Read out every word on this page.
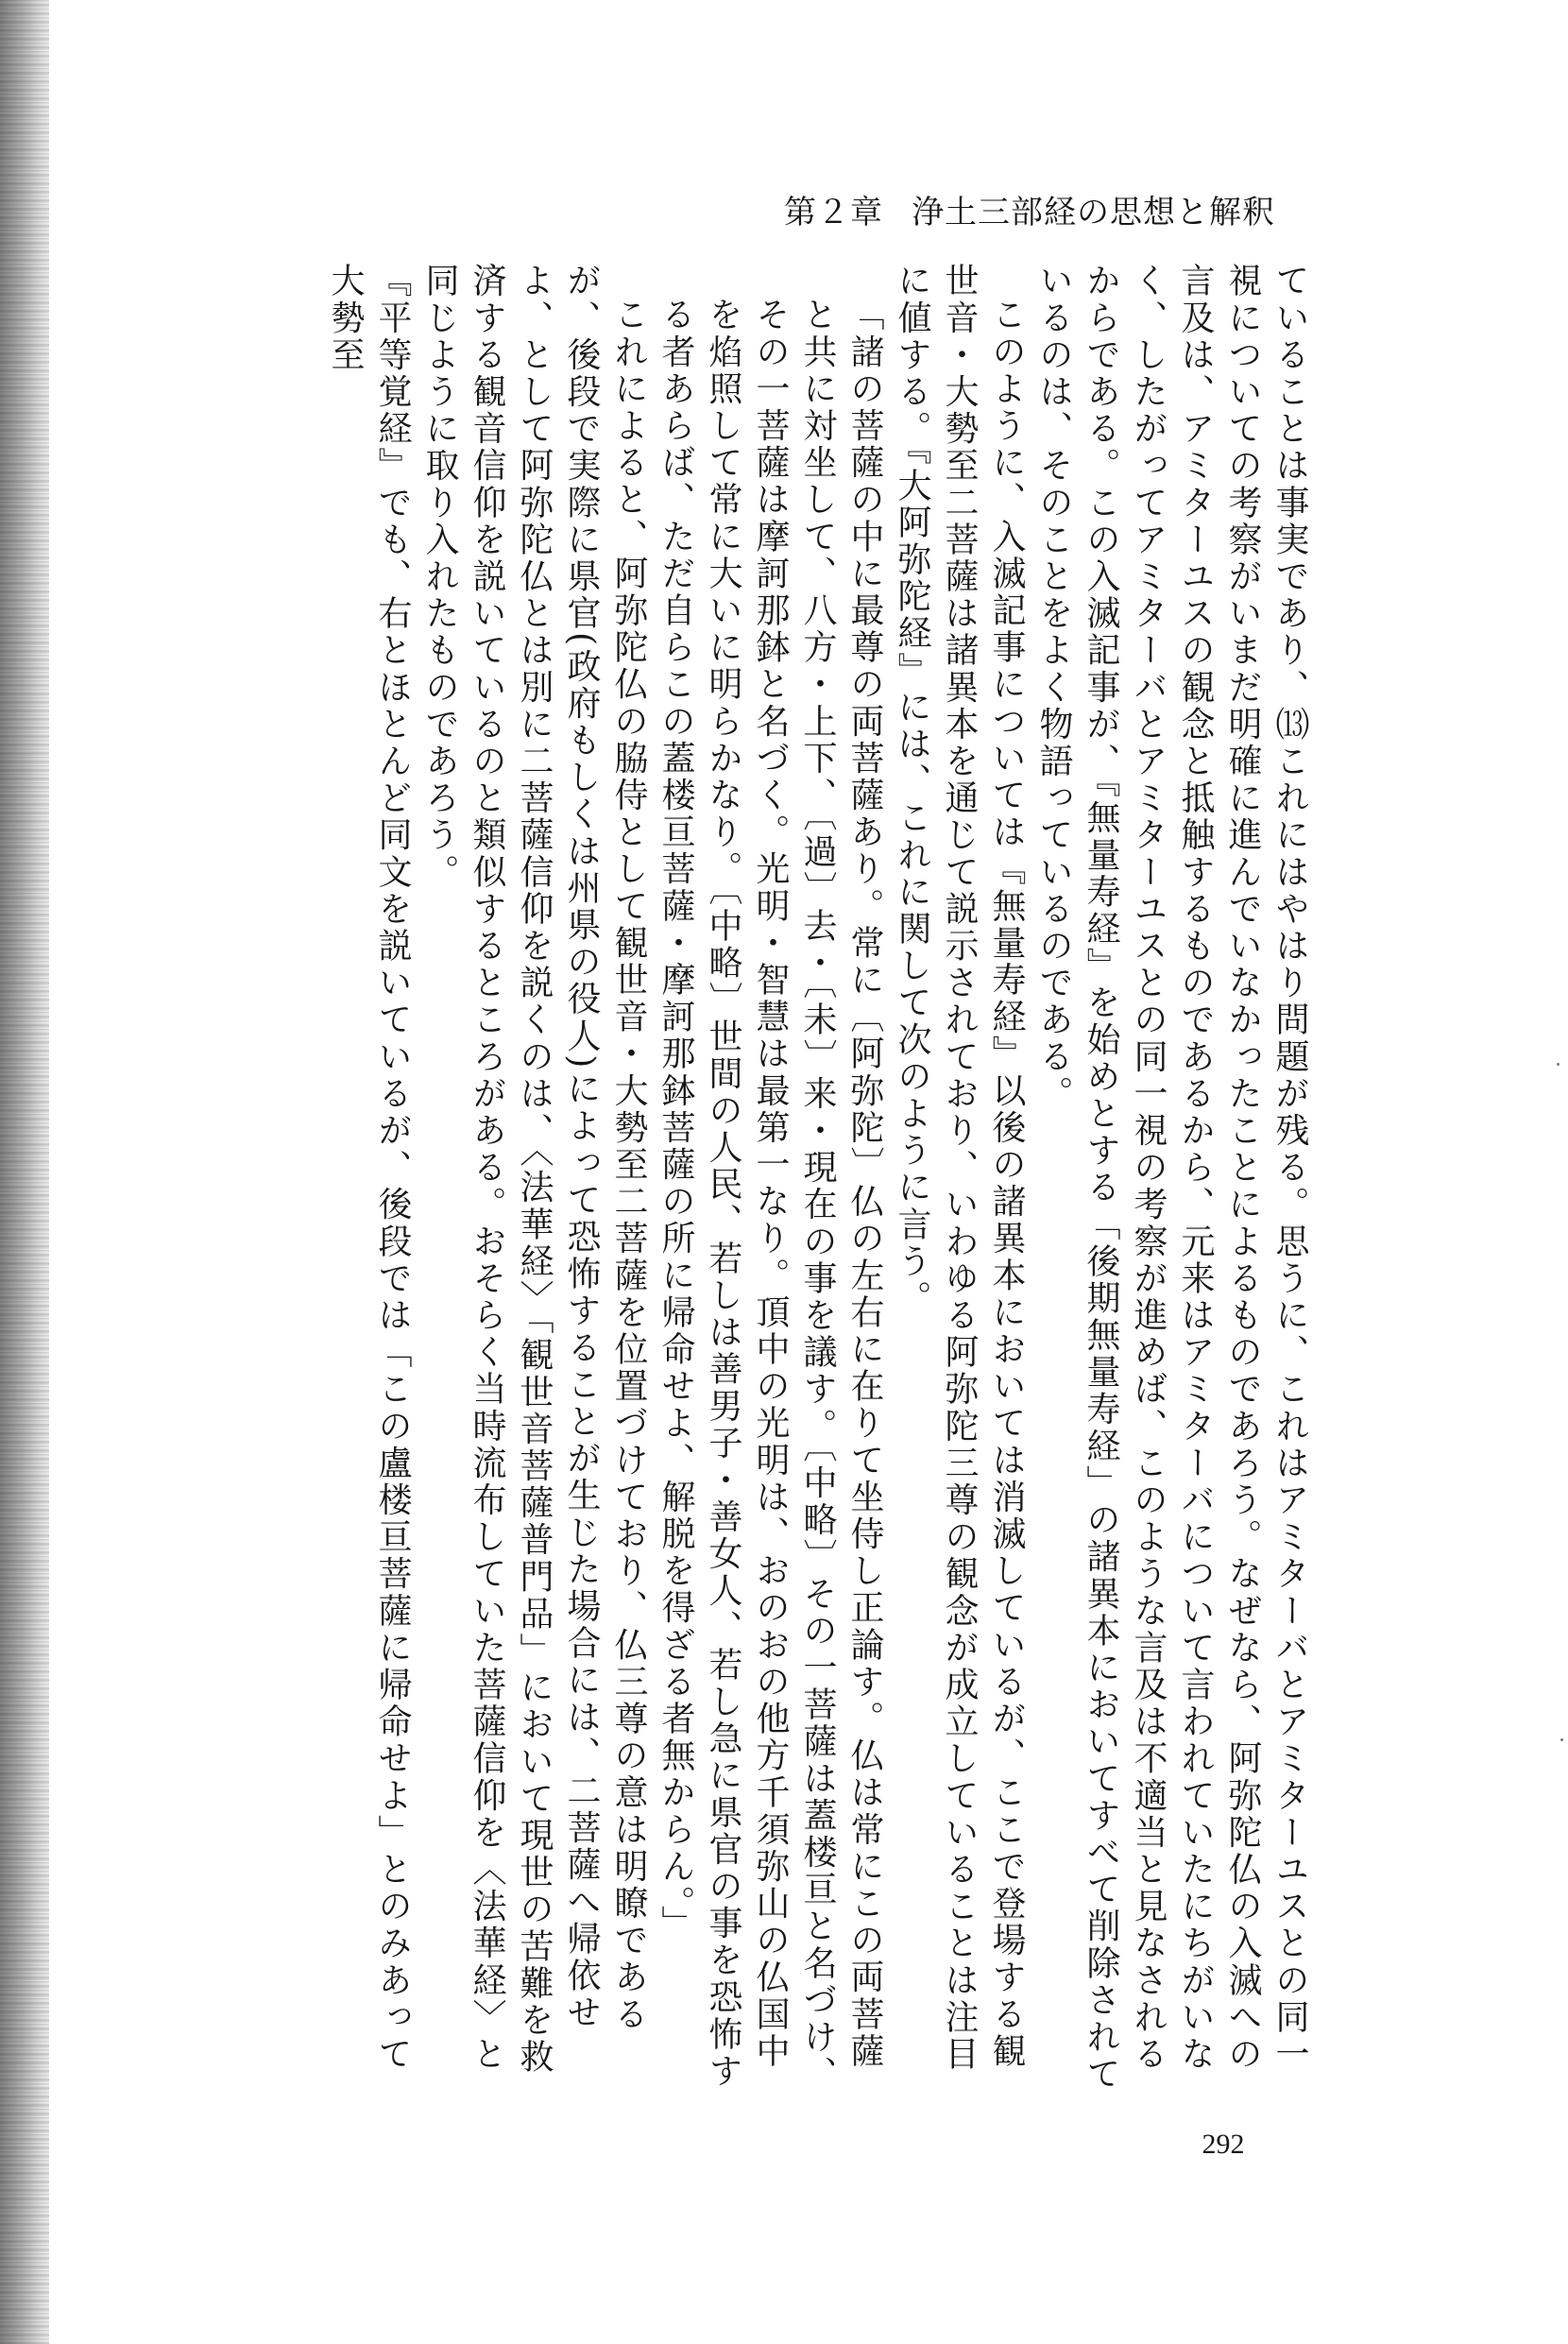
第２章 浄土三部経の思想と解釈

ていることは事実であり、⒀これにはやはり問題が残る。思うに、これはアミターバとアミターユスとの同一視についての考察がいまだ明確に進んでいなかったことによるものであろう。なぜなら、阿弥陀仏の入滅への言及は、アミターユスの観念と抵触するものであるから、元来はアミターバについて言われていたにちがいなく、したがってアミターバとアミターユスとの同一視の考察が進めば、このような言及は不適当と見なされるからである。この入滅記事が、『無量寿経』を始めとする「後期無量寿経」の諸異本においてすべて削除されているのは、そのことをよく物語っているのである。

このように、入滅記事については『無量寿経』以後の諸異本においては消滅しているが、ここで登場する観世音・大勢至二菩薩は諸異本を通じて説示されており、いわゆる阿弥陀三尊の観念が成立していることは注目に値する。『大阿弥陀経』には、これに関して次のように言う。

「諸の菩薩の中に最尊の両菩薩あり。常に〔阿弥陀〕仏の左右に在りて坐侍し正論す。仏は常にこの両菩薩と共に対坐して、八方・上下、〔過〕去・〔未〕来・現在の事を議す。〔中略〕その一菩薩は蓋楼亘と名づけ、その一菩薩は摩訶那鉢と名づく。光明・智慧は最第一なり。頂中の光明は、おのおの他方千須弥山の仏国中を焰照して常に大いに明らかなり。〔中略〕世間の人民、若しは善男子・善女人、若し急に県官の事を恐怖する者あらば、ただ自らこの蓋楼亘菩薩・摩訶那鉢菩薩の所に帰命せよ、解脱を得ざる者無からん。」

これによると、阿弥陀仏の脇侍として観世音・大勢至二菩薩を位置づけており、仏三尊の意は明瞭であるが、後段で実際に県官(政府もしくは州県の役人)によって恐怖することが生じた場合には、二菩薩へ帰依せよ、として阿弥陀仏とは別に二菩薩信仰を説くのは、〈法華経〉「観世音菩薩普門品」において現世の苦難を救済する観音信仰を説いているのと類似するところがある。おそらく当時流布していた菩薩信仰を〈法華経〉と同じように取り入れたものであろう。

『平等覚経』でも、右とほとんど同文を説いているが、後段では「この盧楼亘菩薩に帰命せよ」とのみあって大勢至

292
